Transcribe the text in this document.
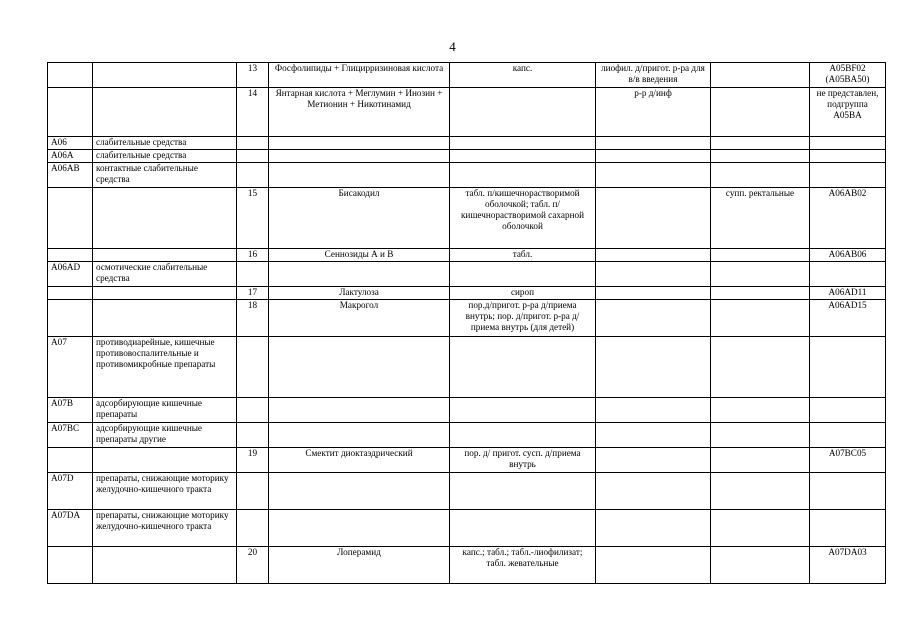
4
		13	Фосфолипиды + Глицирризиновая кислота	капс.	лиофил. д/пригот. р-ра для в/в введения		A05BF02 (A05BA50)
		14	Янтарная кислота + Меглумин + Инозин + Метионин + Никотинамид		р-р д/инф		не представлен, подгруппа A05BA
A06	слабительные средства						
A06A	слабительные средства						
A06AB	контактные слабительные средства						
		15	Бисакодил	табл. п/кишечнорастворимой оболочкой; табл. п/кишечнорастворимой сахарной оболочкой		супп. ректальные	A06AB02
		16	Сеннозиды А и В	табл.			A06AB06
A06AD	осмотические слабительные средства						
		17	Лактулоза	сироп			A06AD11
		18	Макрогол	пор.д/пригот. р-ра д/приема внутрь; пор. д/пригот. р-ра д/приема внутрь (для детей)			A06AD15
A07	противодиарейные, кишечные противовоспалительные и противомикробные препараты						
A07B	адсорбирующие кишечные препараты						
A07BC	адсорбирующие кишечные препараты другие						
		19	Смектит диоктаэдрический	пор. д/ пригот. сусп. д/приема внутрь			A07BC05
A07D	препараты, снижающие моторику желудочно-кишечного тракта						
A07DA	препараты, снижающие моторику желудочно-кишечного тракта						
		20	Лоперамид	капс.; табл.; табл.-лиофилизат; табл. жевательные			A07DA03
